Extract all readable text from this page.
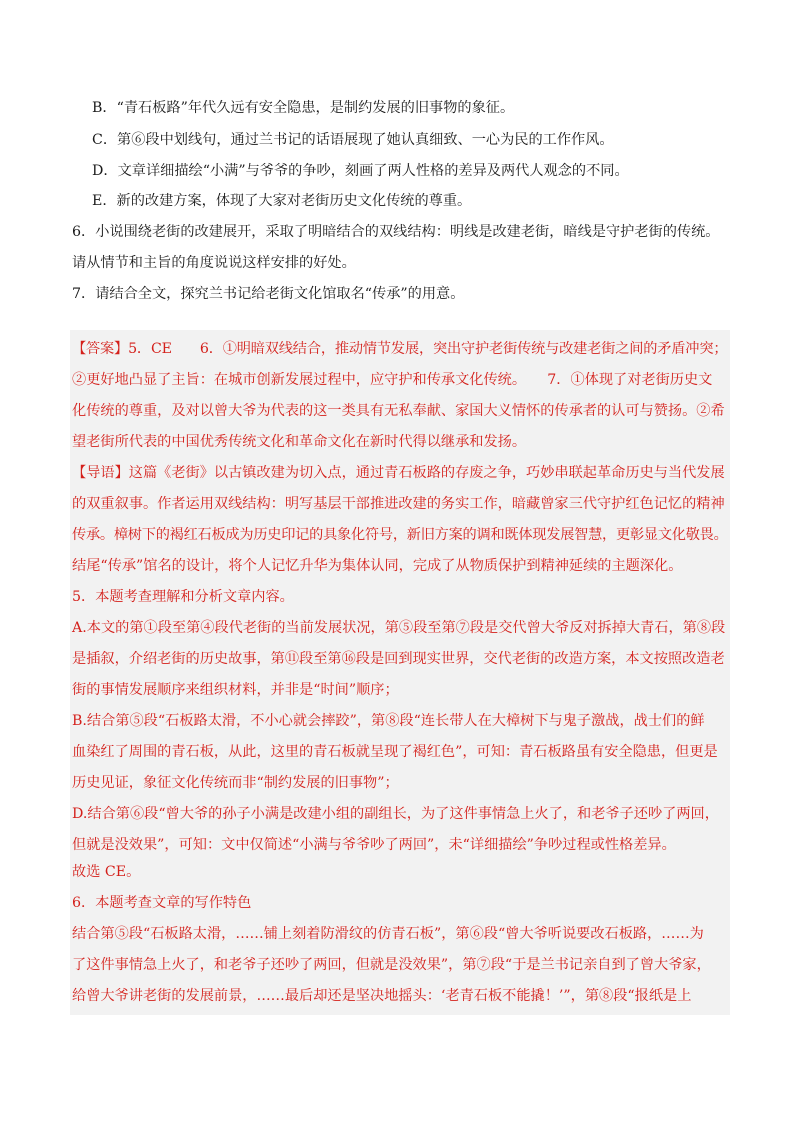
B．“青石板路”年代久远有安全隐患，是制约发展的旧事物的象征。
C．第⑥段中划线句，通过兰书记的话语展现了她认真细致、一心为民的工作作风。
D．文章详细描绘“小满”与爷爷的争吵，刻画了两人性格的差异及两代人观念的不同。
E．新的改建方案，体现了大家对老街历史文化传统的尊重。
6．小说围绕老街的改建展开，采取了明暗结合的双线结构：明线是改建老街，暗线是守护老街的传统。
请从情节和主旨的角度说说这样安排的好处。
7．请结合全文，探究兰书记给老街文化馆取名“传承”的用意。
【答案】5．CE　　6．①明暗双线结合，推动情节发展，突出守护老街传统与改建老街之间的矛盾冲突；
②更好地凸显了主旨：在城市创新发展过程中，应守护和传承文化传统。　　7．①体现了对老街历史文
化传统的尊重，及对以曾大爷为代表的这一类具有无私奉献、家国大义情怀的传承者的认可与赞扬。②希
望老街所代表的中国优秀传统文化和革命文化在新时代得以继承和发扬。
【导语】这篇《老街》以古镇改建为切入点，通过青石板路的存废之争，巧妙串联起革命历史与当代发展
的双重叙事。作者运用双线结构：明写基层干部推进改建的务实工作，暗藏曾家三代守护红色记忆的精神
传承。樟树下的褐红石板成为历史印记的具象化符号，新旧方案的调和既体现发展智慧，更彰显文化敬畏。
结尾“传承”馆名的设计，将个人记忆升华为集体认同，完成了从物质保护到精神延续的主题深化。
5．本题考查理解和分析文章内容。
A.本文的第①段至第④段代老街的当前发展状况，第⑤段至第⑦段是交代曾大爷反对拆掉大青石，第⑧段
是插叙，介绍老街的历史故事，第⑪段至第⑯段是回到现实世界，交代老街的改造方案，本文按照改造老
街的事情发展顺序来组织材料，并非是“时间”顺序；
B.结合第⑤段“石板路太滑，不小心就会摔跤”，第⑧段“连长带人在大樟树下与鬼子激战，战士们的鲜
血染红了周围的青石板，从此，这里的青石板就呈现了褐红色”，可知：青石板路虽有安全隐患，但更是
历史见证，象征文化传统而非“制约发展的旧事物”；
D.结合第⑥段“曾大爷的孙子小满是改建小组的副组长，为了这件事情急上火了，和老爷子还吵了两回，
但就是没效果”，可知：文中仅简述“小满与爷爷吵了两回”，未“详细描绘”争吵过程或性格差异。
故选 CE。
6．本题考查文章的写作特色
结合第⑤段“石板路太滑，……铺上刻着防滑纹的仿青石板”，第⑥段“曾大爷听说要改石板路，……为
了这件事情急上火了，和老爷子还吵了两回，但就是没效果”，第⑦段“于是兰书记亲自到了曾大爷家，
给曾大爷讲老街的发展前景，……最后却还是坚决地摇头：‘老青石板不能撬！’”，第⑧段“报纸是上
